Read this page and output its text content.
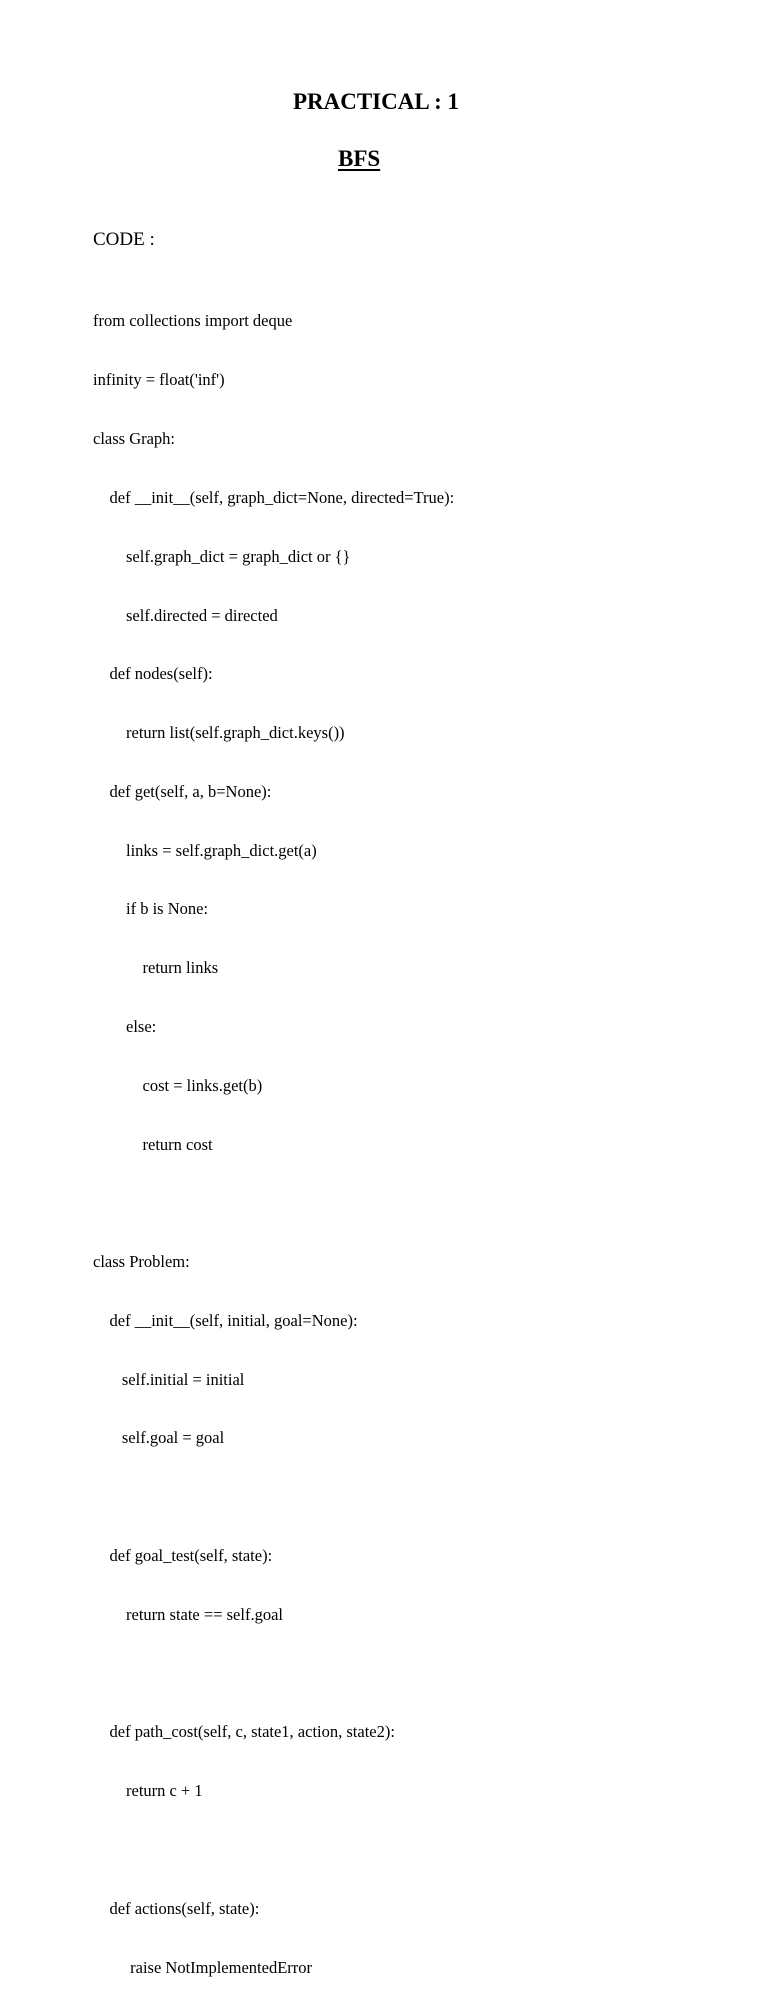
PRACTICAL : 1
BFS

CODE :

from collections import deque

infinity = float('inf')

class Graph:

def __init__(self, graph_dict=None, directed=True):

self.graph_dict = graph_dict or {}

self.directed = directed

def nodes(self):

return list(self.graph_dict.keys())

def get(self, a, b=None):

links = self.graph_dict.get(a)

if b is None:

return links

else:

cost = links.get(b)

return cost

class Problem:

def __init__(self, initial, goal=None):

self.initial = initial

self.goal = goal

def goal_test(self, state):

return state == self.goal

def path_cost(self, c, state1, action, state2):

return c + 1

def actions(self, state):

raise NotImplementedError
